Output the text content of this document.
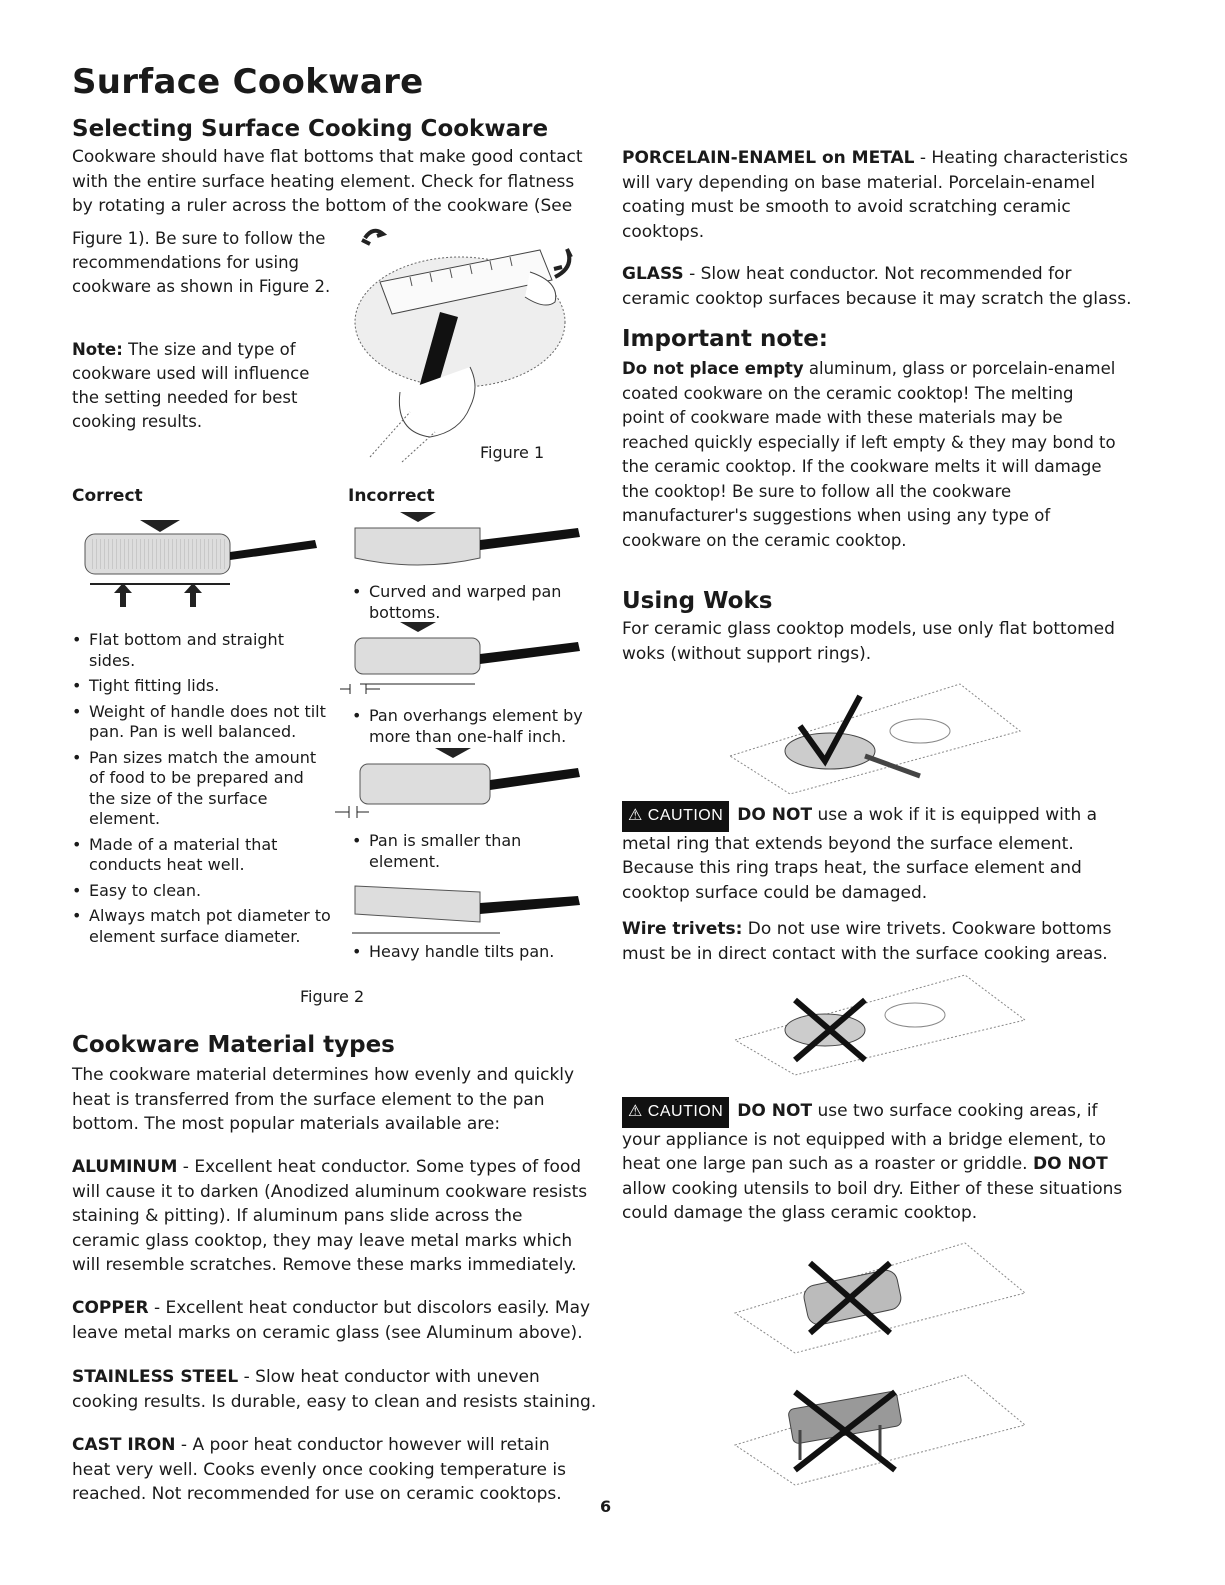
Surface Cookware
Selecting Surface Cooking Cookware

Cookware should have flat bottoms that make good contact with the entire surface heating element. Check for flatness by rotating a ruler across the bottom of the cookware (See

Figure 1). Be sure to follow the recommendations for using cookware as shown in Figure 2.

Note: The size and type of cookware used will influence the setting needed for best cooking results.

Figure 1
Correct	Incorrect
• Flat bottom and straight sides.
• Tight fitting lids.
• Weight of handle does not tilt pan. Pan is well balanced.
• Pan sizes match the amount of food to be prepared and the size of the surface element.
• Made of a material that conducts heat well.
• Easy to clean.
• Always match pot diameter to element surface diameter.
• Curved and warped pan bottoms.
• Pan overhangs element by more than one-half inch.
• Pan is smaller than element.
• Heavy handle tilts pan.
Figure 2
Cookware Material types

The cookware material determines how evenly and quickly heat is transferred from the surface element to the pan bottom. The most popular materials available are:

ALUMINUM - Excellent heat conductor. Some types of food will cause it to darken (Anodized aluminum cookware resists staining & pitting). If aluminum pans slide across the ceramic glass cooktop, they may leave metal marks which will resemble scratches. Remove these marks immediately.

COPPER - Excellent heat conductor but discolors easily. May leave metal marks on ceramic glass (see Aluminum above).

STAINLESS STEEL - Slow heat conductor with uneven cooking results. Is durable, easy to clean and resists staining.

CAST IRON - A poor heat conductor however will retain heat very well. Cooks evenly once cooking temperature is reached. Not recommended for use on ceramic cooktops.

PORCELAIN-ENAMEL on METAL - Heating characteristics will vary depending on base material. Porcelain-enamel coating must be smooth to avoid scratching ceramic cooktops.

GLASS - Slow heat conductor. Not recommended for ceramic cooktop surfaces because it may scratch the glass.

Important note:

Do not place empty aluminum, glass or porcelain-enamel coated cookware on the ceramic cooktop! The melting point of cookware made with these materials may be reached quickly especially if left empty & they may bond to the ceramic cooktop. If the cookware melts it will damage the cooktop! Be sure to follow all the cookware manufacturer's suggestions when using any type of cookware on the ceramic cooktop.

Using Woks

For ceramic glass cooktop models, use only flat bottomed woks (without support rings).

⚠ CAUTION DO NOT use a wok if it is equipped with a metal ring that extends beyond the surface element. Because this ring traps heat, the surface element and cooktop surface could be damaged.

Wire trivets: Do not use wire trivets. Cookware bottoms must be in direct contact with the surface cooking areas.

⚠ CAUTION DO NOT use two surface cooking areas, if your appliance is not equipped with a bridge element, to heat one large pan such as a roaster or griddle. DO NOT allow cooking utensils to boil dry. Either of these situations could damage the glass ceramic cooktop.

6
